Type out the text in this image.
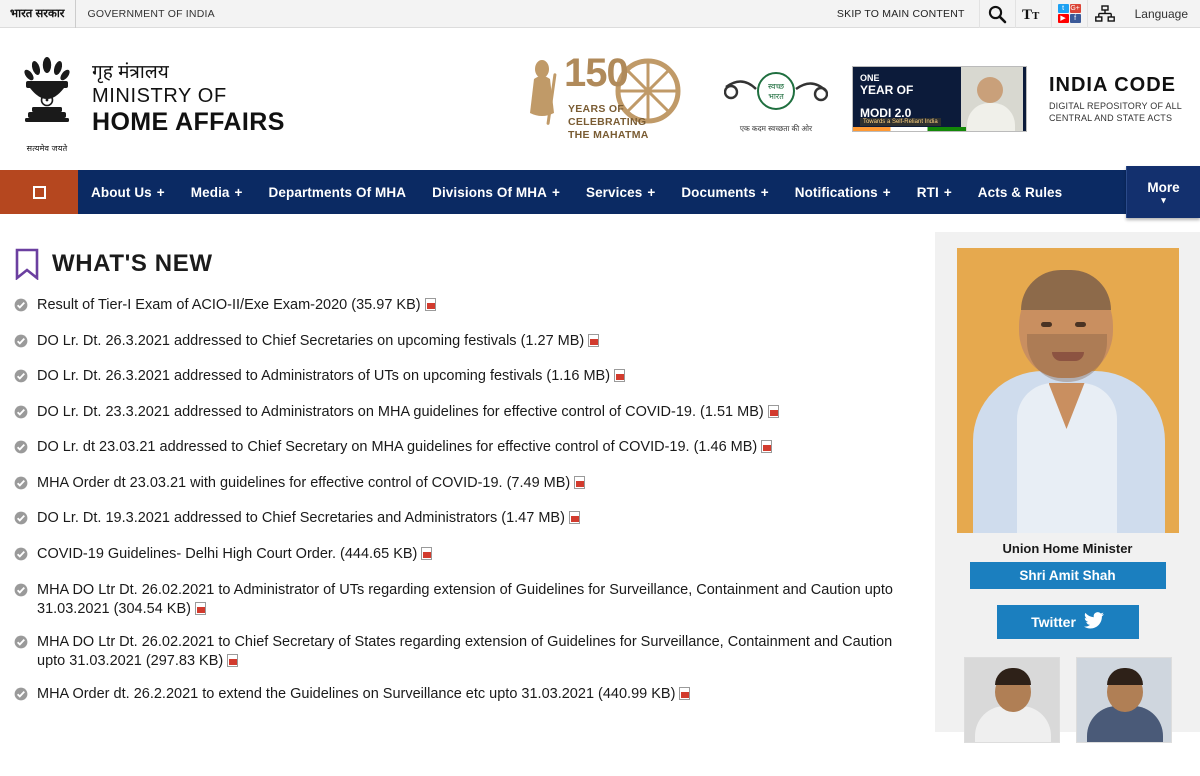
भारत सरकार	GOVERNMENT OF INDIA	SKIP TO MAIN CONTENT	T T
t G+
▶	f	Language
सत्यमेव जयते
गृह मंत्रालय
MINISTRY OF
HOME AFFAIRS
150
YEARS OF
CELEBRATING
THE MAHATMA
स्वच्छ
भारत
एक कदम स्वच्छता की ओर
ONE
YEAR OF

MODI 2.0
Towards a Self-Reliant India
INDIA CODE
DIGITAL REPOSITORY OF ALL
CENTRAL AND STATE ACTS
About Us + Media + Departments Of MHA Divisions Of MHA + Services + Documents + Notifications + RTI + Acts & Rules	More
▾
WHAT'S NEW
Result of Tier-I Exam of ACIO-II/Exe Exam-2020 (35.97 KB)
DO Lr. Dt. 26.3.2021 addressed to Chief Secretaries on upcoming festivals (1.27 MB)
DO Lr. Dt. 26.3.2021 addressed to Administrators of UTs on upcoming festivals (1.16 MB)
DO Lr. Dt. 23.3.2021 addressed to Administrators on MHA guidelines for effective control of COVID-19. (1.51 MB)
DO Lr. dt 23.03.21 addressed to Chief Secretary on MHA guidelines for effective control of COVID-19. (1.46 MB)
MHA Order dt 23.03.21 with guidelines for effective control of COVID-19. (7.49 MB)
DO Lr. Dt. 19.3.2021 addressed to Chief Secretaries and Administrators (1.47 MB)
COVID-19 Guidelines- Delhi High Court Order. (444.65 KB)
MHA DO Ltr Dt. 26.02.2021 to Administrator of UTs regarding extension of Guidelines for Surveillance, Containment and Caution upto 31.03.2021 (304.54 KB)
MHA DO Ltr Dt. 26.02.2021 to Chief Secretary of States regarding extension of Guidelines for Surveillance, Containment and Caution upto 31.03.2021 (297.83 KB)
MHA Order dt. 26.2.2021 to extend the Guidelines on Surveillance etc upto 31.03.2021 (440.99 KB)
Union Home Minister
Shri Amit Shah
Twitter
